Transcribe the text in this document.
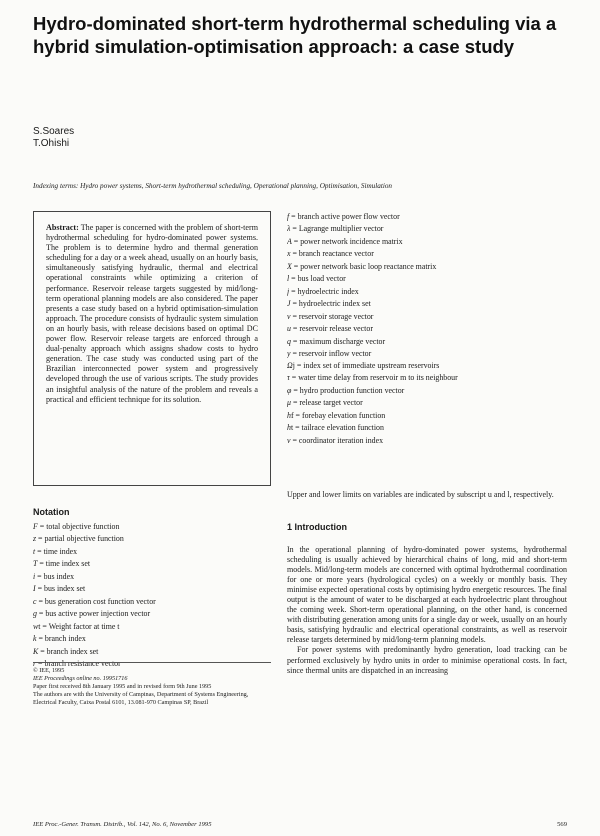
Hydro-dominated short-term hydrothermal scheduling via a hybrid simulation-optimisation approach: a case study
S.Soares
T.Ohishi

Indexing terms: Hydro power systems, Short-term hydrothermal scheduling, Operational planning, Optimisation, Simulation

Abstract: The paper is concerned with the problem of short-term hydrothermal scheduling for hydro-dominated power systems. The problem is to determine hydro and thermal generation scheduling for a day or a week ahead, usually on an hourly basis, simultaneously satisfying hydraulic, thermal and electrical operational constraints while optimizing a criterion of performance. Reservoir release targets suggested by mid/long-term operational planning models are also considered. The paper presents a case study based on a hybrid optimisation-simulation approach. The procedure consists of hydraulic system simulation on an hourly basis, with release decisions based on optimal DC power flow. Reservoir release targets are enforced through a dual-penalty approach which assigns shadow costs to hydro generation. The case study was conducted using part of the Brazilian interconnected power system and progressively developed through the use of various scripts. The study provides an insightful analysis of the nature of the problem and reveals a practical and efficient technique for its solution.

Notation
F = total objective function
z = partial objective function
t = time index
T = time index set
i = bus index
I = bus index set
c = bus generation cost function vector
g = bus active power injection vector
wt = Weight factor at time t
k = branch index
K = branch index set
r = branch resistance vector
f = branch active power flow vector
λ = Lagrange multiplier vector
A = power network incidence matrix
x = branch reactance vector
X = power network basic loop reactance matrix
l = bus load vector
j = hydroelectric index
J = hydroelectric index set
v = reservoir storage vector
u = reservoir release vector
q = maximum discharge vector
y = reservoir inflow vector
Ωj = index set of immediate upstream reservoirs
τ = water time delay from reservoir m to its neighbour
φ = hydro production function vector
μ = release target vector
hf = forebay elevation function
ht = tailrace elevation function
v = coordinator iteration index

Upper and lower limits on variables are indicated by subscript u and l, respectively.

1 Introduction

In the operational planning of hydro-dominated power systems, hydrothermal scheduling is usually achieved by hierarchical chains of long, mid and short-term models. Mid/long-term models are concerned with optimal hydrothermal coordination for one or more years (hydrological cycles) on a weekly or monthly basis. They minimise expected operational costs by optimising hydro energetic resources. The final output is the amount of water to be discharged at each hydroelectric plant throughout the coming week. Short-term operational planning, on the other hand, is concerned with distributing generation among units for a single day or week, usually on an hourly basis, satisfying hydraulic and electrical operational constraints, as well as reservoir release targets determined by mid/long-term planning models.

For power systems with predominantly hydro generation, load tracking can be performed exclusively by hydro units in order to minimise operational costs. In fact, since thermal units are dispatched in an increasing

© IEE, 1995
IEE Proceedings online no. 19951716
Paper first received 8th January 1995 and in revised form 9th June 1995
The authors are with the University of Campinas, Department of Systems Engineering, Electrical Faculty, Caixa Postal 6101, 13.081-970 Campinas SP, Brazil

IEE Proc.-Gener. Transm. Distrib., Vol. 142, No. 6, November 1995	569
